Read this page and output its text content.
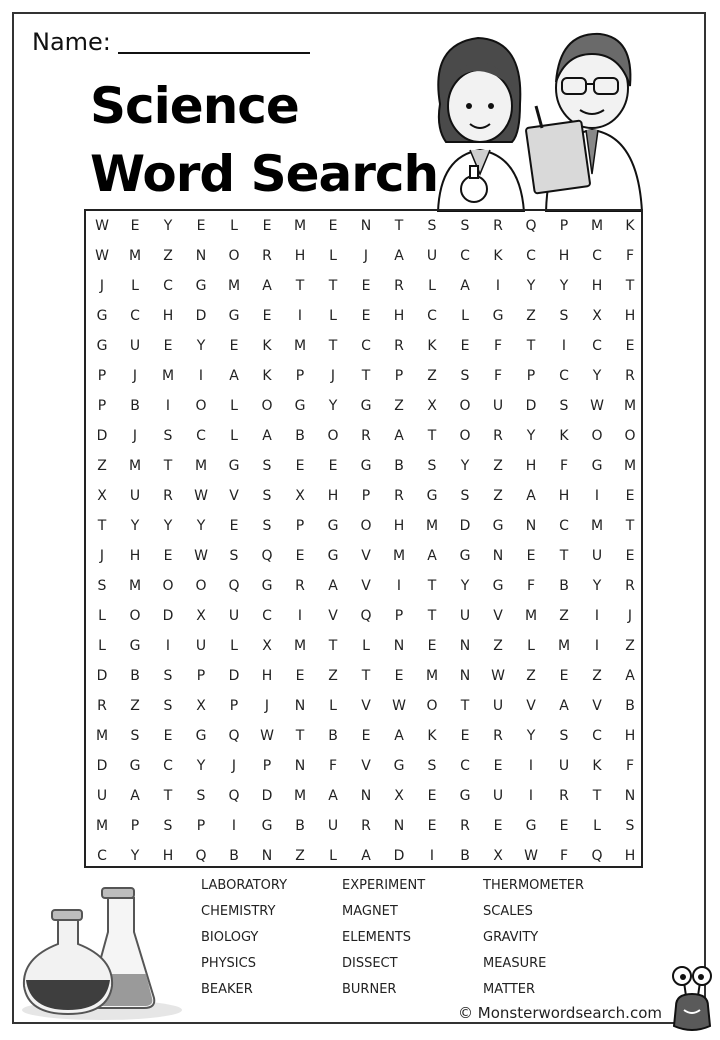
Name:
Science
Word Search
W	E	Y	E	L	E	M	E	N	T	S	S	R	Q	P	M	K
W	M	Z	N	O	R	H	L	J	A	U	C	K	C	H	C	F
J	L	C	G	M	A	T	T	E	R	L	A	I	Y	Y	H	T
G	C	H	D	G	E	I	L	E	H	C	L	G	Z	S	X	H
G	U	E	Y	E	K	M	T	C	R	K	E	F	T	I	C	E
P	J	M	I	A	K	P	J	T	P	Z	S	F	P	C	Y	R
P	B	I	O	L	O	G	Y	G	Z	X	O	U	D	S	W	M
D	J	S	C	L	A	B	O	R	A	T	O	R	Y	K	O	O
Z	M	T	M	G	S	E	E	G	B	S	Y	Z	H	F	G	M
X	U	R	W	V	S	X	H	P	R	G	S	Z	A	H	I	E
T	Y	Y	Y	E	S	P	G	O	H	M	D	G	N	C	M	T
J	H	E	W	S	Q	E	G	V	M	A	G	N	E	T	U	E
S	M	O	O	Q	G	R	A	V	I	T	Y	G	F	B	Y	R
L	O	D	X	U	C	I	V	Q	P	T	U	V	M	Z	I	J
L	G	I	U	L	X	M	T	L	N	E	N	Z	L	M	I	Z
D	B	S	P	D	H	E	Z	T	E	M	N	W	Z	E	Z	A
R	Z	S	X	P	J	N	L	V	W	O	T	U	V	A	V	B
M	S	E	G	Q	W	T	B	E	A	K	E	R	Y	S	C	H
D	G	C	Y	J	P	N	F	V	G	S	C	E	I	U	K	F
U	A	T	S	Q	D	M	A	N	X	E	G	U	I	R	T	N
M	P	S	P	I	G	B	U	R	N	E	R	E	G	E	L	S
C	Y	H	Q	B	N	Z	L	A	D	I	B	X	W	F	Q	H
LABORATORY
CHEMISTRY
BIOLOGY
PHYSICS
BEAKER
EXPERIMENT
MAGNET
ELEMENTS
DISSECT
BURNER
THERMOMETER
SCALES
GRAVITY
MEASURE
MATTER
© Monsterwordsearch.com
